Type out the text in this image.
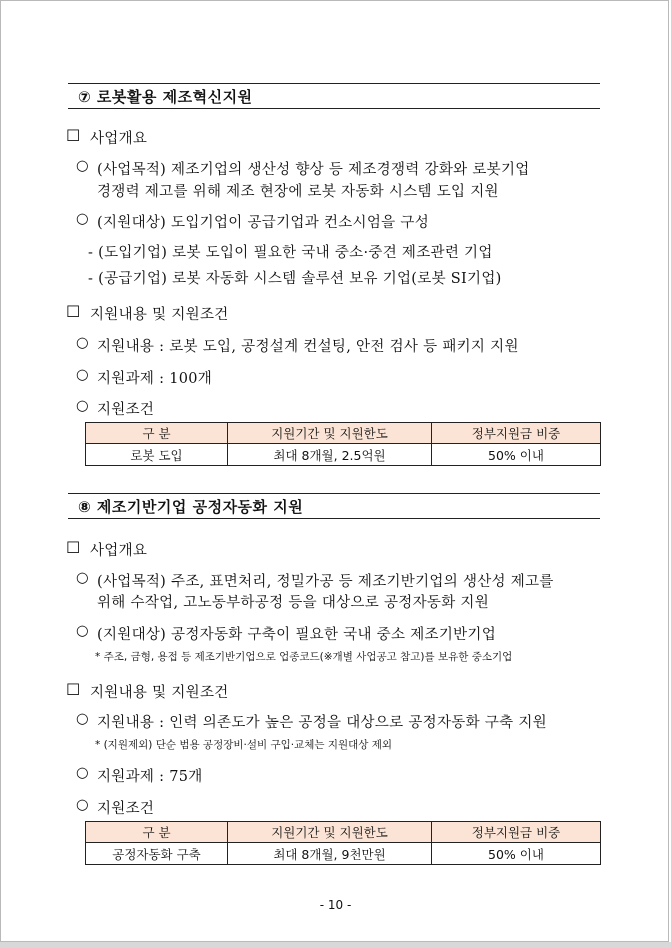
⑦ 로봇활용 제조혁신지원
☐ 사업개요
○ (사업목적) 제조기업의 생산성 향상 등 제조경쟁력 강화와 로봇기업
경쟁력 제고를 위해 제조 현장에 로봇 자동화 시스템 도입 지원
○ (지원대상) 도입기업이 공급기업과 컨소시엄을 구성
- (도입기업) 로봇 도입이 필요한 국내 중소·중견 제조관련 기업
- (공급기업) 로봇 자동화 시스템 솔루션 보유 기업(로봇 SI기업)
☐ 지원내용 및 지원조건
○ 지원내용 : 로봇 도입, 공정설계 컨설팅, 안전 검사 등 패키지 지원
○ 지원과제 : 100개
○ 지원조건
구 분	지원기간 및 지원한도	정부지원금 비중
로봇 도입	최대 8개월, 2.5억원	50% 이내
⑧ 제조기반기업 공정자동화 지원
☐ 사업개요
○ (사업목적) 주조, 표면처리, 정밀가공 등 제조기반기업의 생산성 제고를
위해 수작업, 고노동부하공정 등을 대상으로 공정자동화 지원
○ (지원대상) 공정자동화 구축이 필요한 국내 중소 제조기반기업
* 주조, 금형, 용접 등 제조기반기업으로 업종코드(※개별 사업공고 참고)를 보유한 중소기업
☐ 지원내용 및 지원조건
○ 지원내용 : 인력 의존도가 높은 공정을 대상으로 공정자동화 구축 지원
* (지원제외) 단순 범용 공정장비·설비 구입·교체는 지원대상 제외
○ 지원과제 : 75개
○ 지원조건
구 분	지원기간 및 지원한도	정부지원금 비중
공정자동화 구축	최대 8개월, 9천만원	50% 이내
- 10 -
